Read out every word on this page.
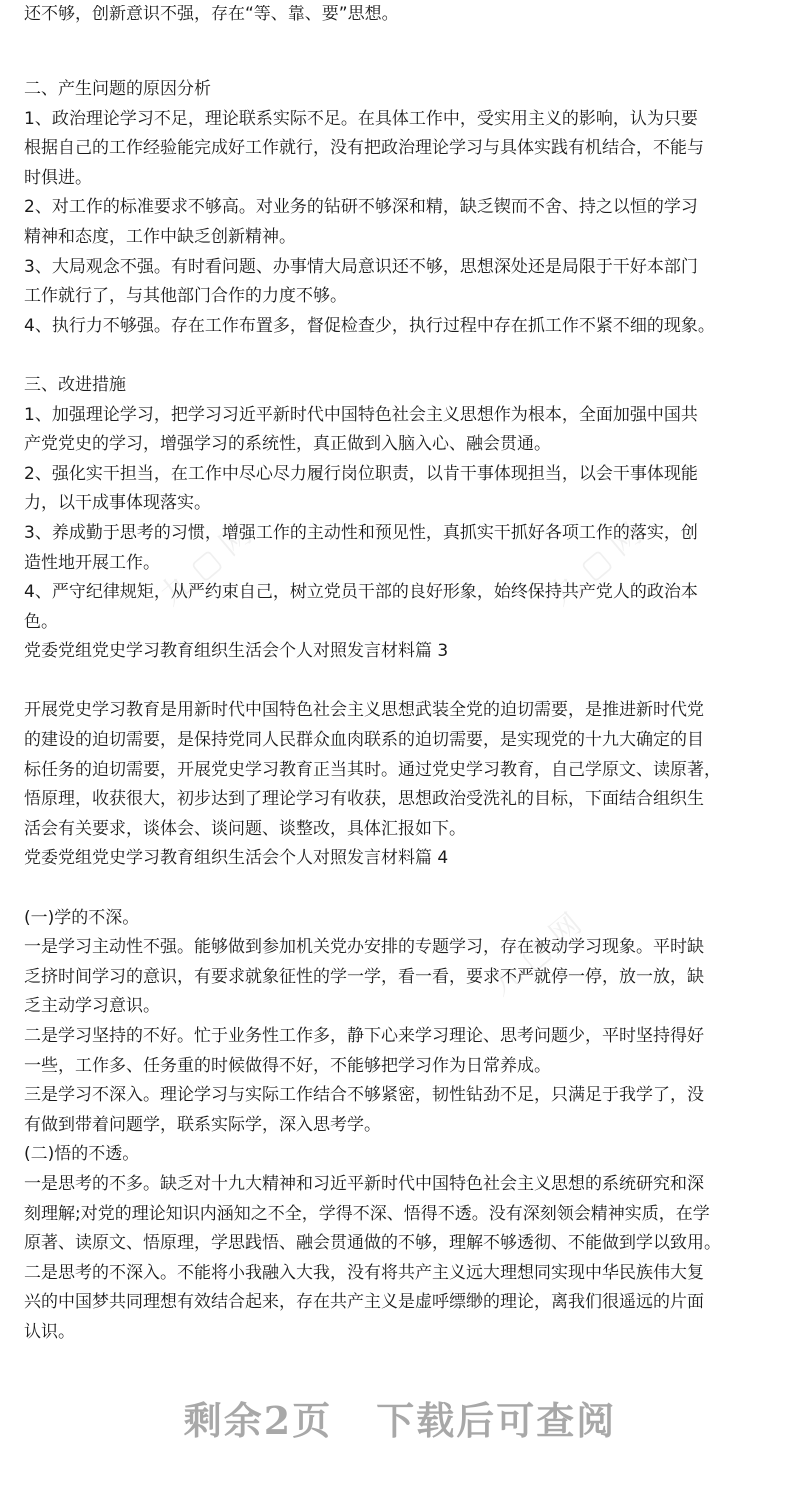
九 ▢ 网	九 ▢ 网
九 ▢ 网
还不够，创新意识不强，存在“等、靠、要”思想。
二、产生问题的原因分析
1、政治理论学习不足，理论联系实际不足。在具体工作中，受实用主义的影响，认为只要
根据自己的工作经验能完成好工作就行，没有把政治理论学习与具体实践有机结合，不能与
时俱进。
2、对工作的标准要求不够高。对业务的钻研不够深和精，缺乏锲而不舍、持之以恒的学习
精神和态度，工作中缺乏创新精神。
3、大局观念不强。有时看问题、办事情大局意识还不够，思想深处还是局限于干好本部门
工作就行了，与其他部门合作的力度不够。
4、执行力不够强。存在工作布置多，督促检查少，执行过程中存在抓工作不紧不细的现象。
三、改进措施
1、加强理论学习，把学习习近平新时代中国特色社会主义思想作为根本，全面加强中国共
产党党史的学习，增强学习的系统性，真正做到入脑入心、融会贯通。
2、强化实干担当，在工作中尽心尽力履行岗位职责，以肯干事体现担当，以会干事体现能
力，以干成事体现落实。
3、养成勤于思考的习惯，增强工作的主动性和预见性，真抓实干抓好各项工作的落实，创
造性地开展工作。
4、严守纪律规矩，从严约束自己，树立党员干部的良好形象，始终保持共产党人的政治本
色。
党委党组党史学习教育组织生活会个人对照发言材料篇 3
开展党史学习教育是用新时代中国特色社会主义思想武装全党的迫切需要，是推进新时代党
的建设的迫切需要，是保持党同人民群众血肉联系的迫切需要，是实现党的十九大确定的目
标任务的迫切需要，开展党史学习教育正当其时。通过党史学习教育，自己学原文、读原著，
悟原理，收获很大，初步达到了理论学习有收获，思想政治受洗礼的目标，下面结合组织生
活会有关要求，谈体会、谈问题、谈整改，具体汇报如下。
党委党组党史学习教育组织生活会个人对照发言材料篇 4
(一)学的不深。
一是学习主动性不强。能够做到参加机关党办安排的专题学习，存在被动学习现象。平时缺
乏挤时间学习的意识，有要求就象征性的学一学，看一看，要求不严就停一停，放一放，缺
乏主动学习意识。
二是学习坚持的不好。忙于业务性工作多，静下心来学习理论、思考问题少，平时坚持得好
一些，工作多、任务重的时候做得不好，不能够把学习作为日常养成。
三是学习不深入。理论学习与实际工作结合不够紧密，韧性钻劲不足，只满足于我学了，没
有做到带着问题学，联系实际学，深入思考学。
(二)悟的不透。
一是思考的不多。缺乏对十九大精神和习近平新时代中国特色社会主义思想的系统研究和深
刻理解;对党的理论知识内涵知之不全，学得不深、悟得不透。没有深刻领会精神实质，在学
原著、读原文、悟原理，学思践悟、融会贯通做的不够，理解不够透彻、不能做到学以致用。
二是思考的不深入。不能将小我融入大我，没有将共产主义远大理想同实现中华民族伟大复
兴的中国梦共同理想有效结合起来，存在共产主义是虚呼缥缈的理论，离我们很遥远的片面
认识。
剩余2页 下载后可查阅
